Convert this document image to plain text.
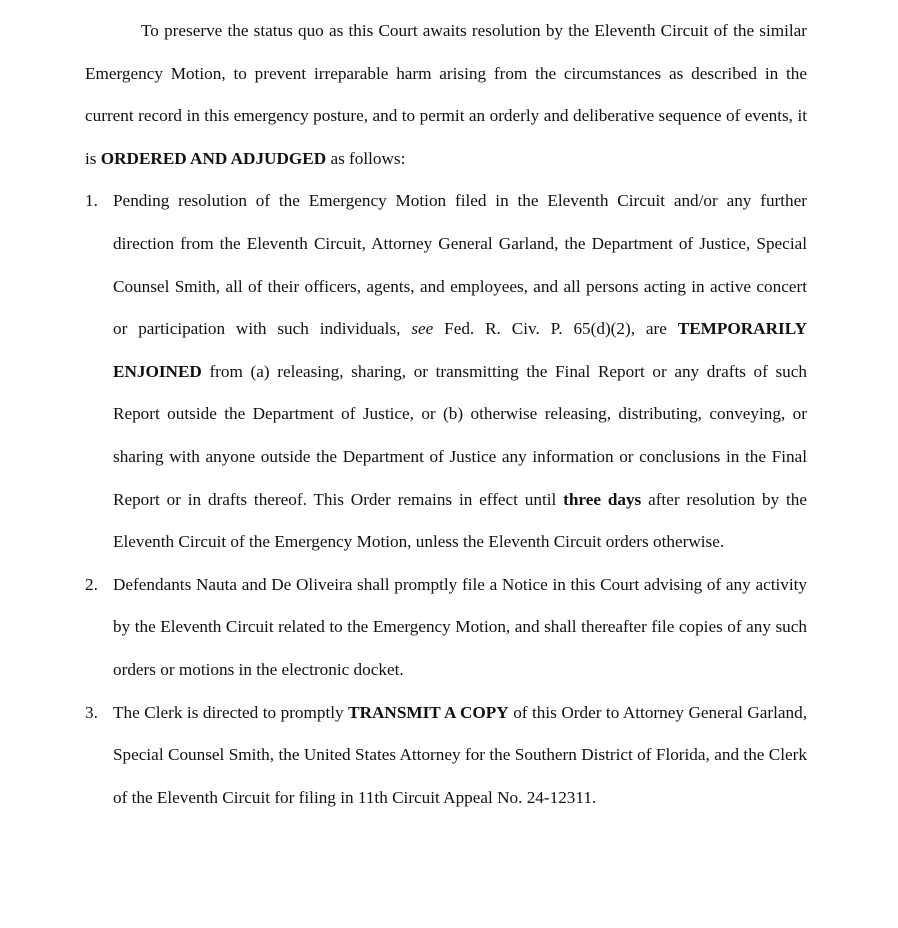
To preserve the status quo as this Court awaits resolution by the Eleventh Circuit of the similar Emergency Motion, to prevent irreparable harm arising from the circumstances as described in the current record in this emergency posture, and to permit an orderly and deliberative sequence of events, it is ORDERED AND ADJUDGED as follows:

1. Pending resolution of the Emergency Motion filed in the Eleventh Circuit and/or any further direction from the Eleventh Circuit, Attorney General Garland, the Department of Justice, Special Counsel Smith, all of their officers, agents, and employees, and all persons acting in active concert or participation with such individuals, see Fed. R. Civ. P. 65(d)(2), are TEMPORARILY ENJOINED from (a) releasing, sharing, or transmitting the Final Report or any drafts of such Report outside the Department of Justice, or (b) otherwise releasing, distributing, conveying, or sharing with anyone outside the Department of Justice any information or conclusions in the Final Report or in drafts thereof. This Order remains in effect until three days after resolution by the Eleventh Circuit of the Emergency Motion, unless the Eleventh Circuit orders otherwise.
2. Defendants Nauta and De Oliveira shall promptly file a Notice in this Court advising of any activity by the Eleventh Circuit related to the Emergency Motion, and shall thereafter file copies of any such orders or motions in the electronic docket.
3. The Clerk is directed to promptly TRANSMIT A COPY of this Order to Attorney General Garland, Special Counsel Smith, the United States Attorney for the Southern District of Florida, and the Clerk of the Eleventh Circuit for filing in 11th Circuit Appeal No. 24-12311.
